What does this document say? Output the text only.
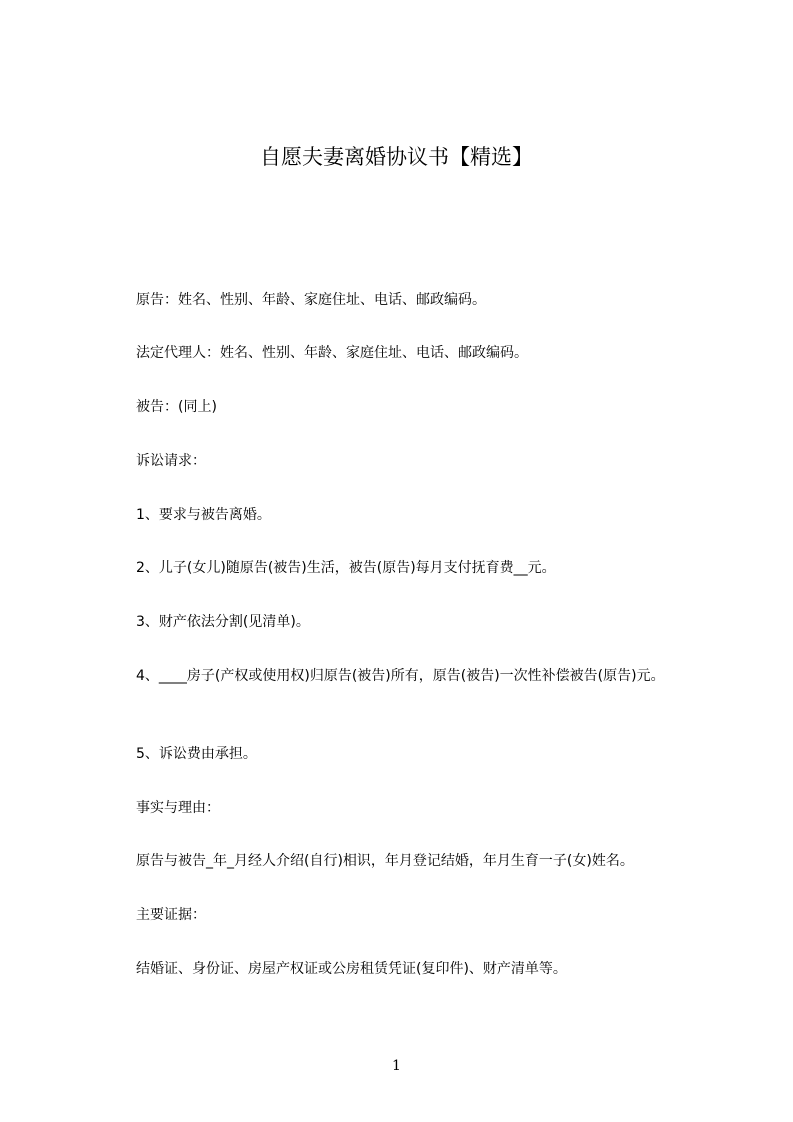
自愿夫妻离婚协议书【精选】
原告：姓名、性别、年龄、家庭住址、电话、邮政编码。
法定代理人：姓名、性别、年龄、家庭住址、电话、邮政编码。
被告：(同上)
诉讼请求：
1、要求与被告离婚。
2、儿子(女儿)随原告(被告)生活，被告(原告)每月支付抚育费__元。
3、财产依法分割(见清单)。
4、____房子(产权或使用权)归原告(被告)所有，原告(被告)一次性补偿被告(原告)元。
5、诉讼费由承担。
事实与理由：
原告与被告_年_月经人介绍(自行)相识，年月登记结婚，年月生育一子(女)姓名。
主要证据：
结婚证、身份证、房屋产权证或公房租赁凭证(复印件)、财产清单等。
1
